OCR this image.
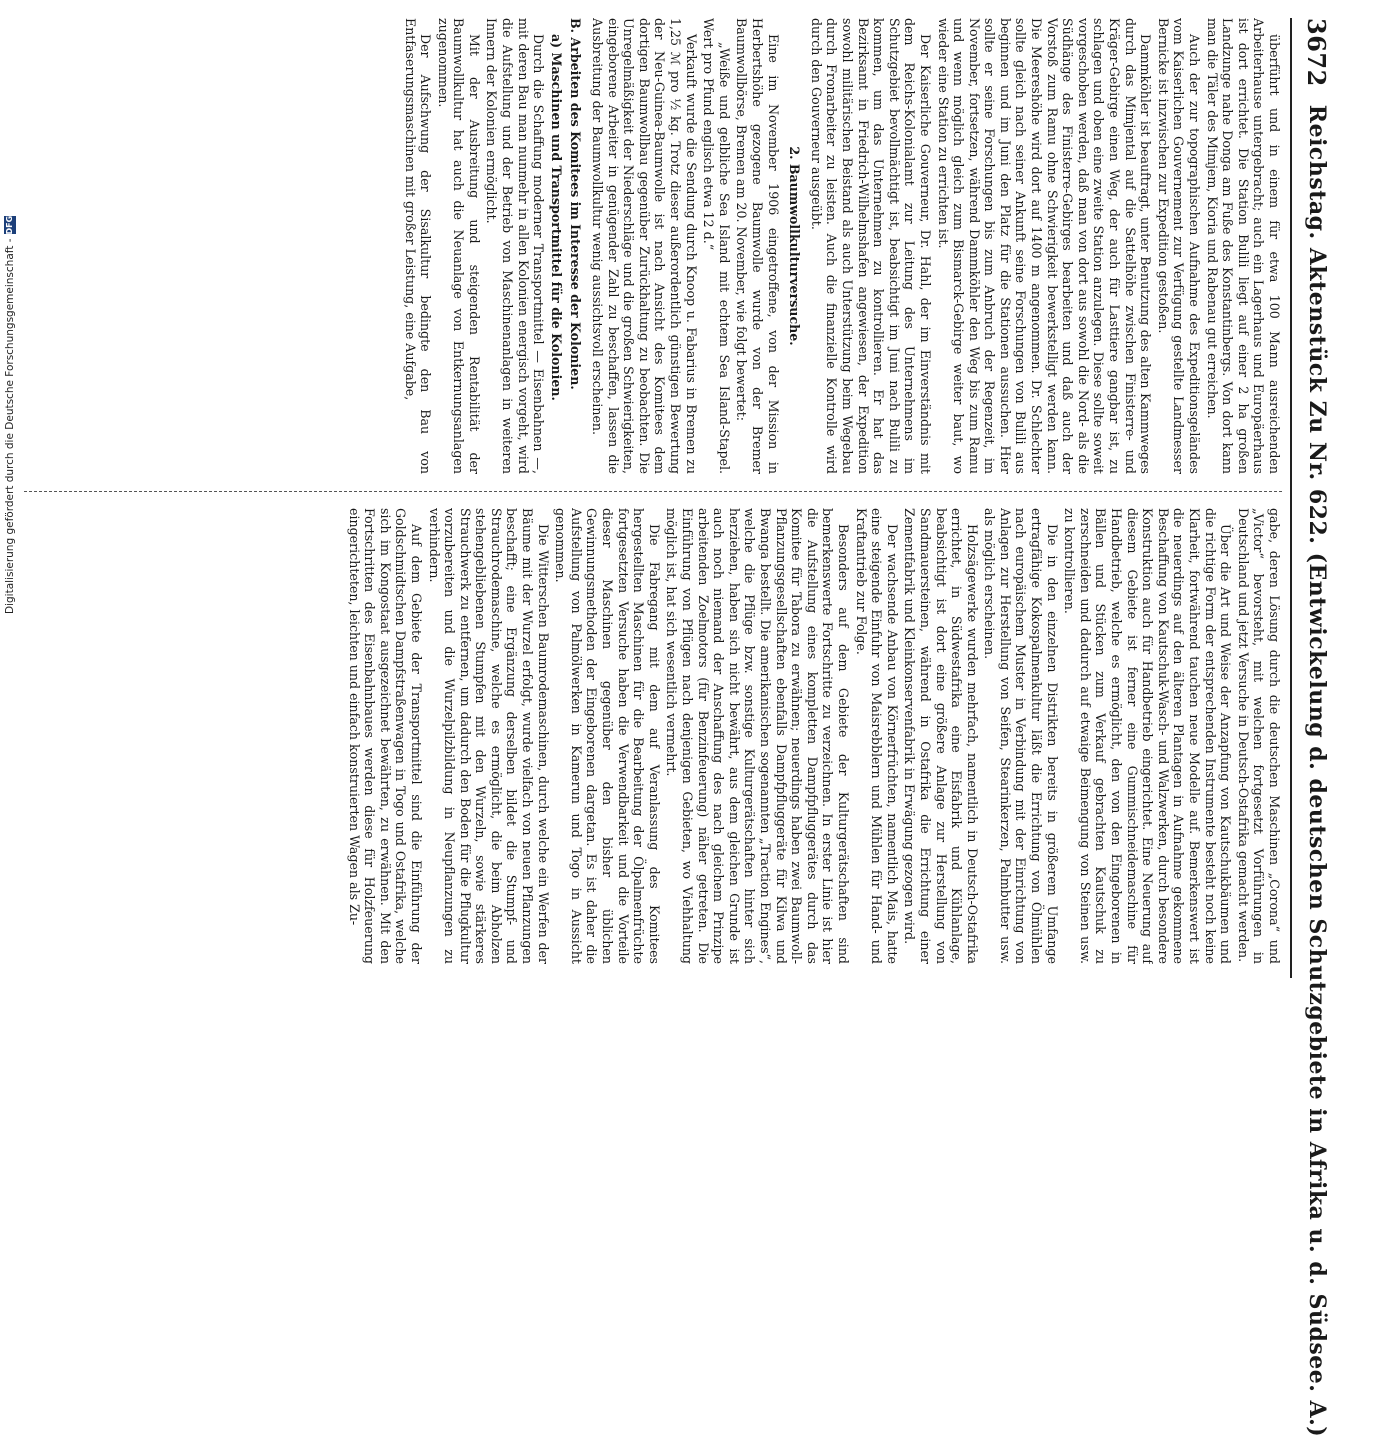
3672
Reichstag. Aktenstück Zu Nr. 622. (Entwickelung d. deutschen Schutzgebiete in Afrika u. d. Südsee. A.)

überführt und in einem für etwa 100 Mann ausreichenden Arbeiterhause untergebracht; auch ein Lagerhaus und Europäerhaus ist dort errichtet. Die Station Bulili liegt auf einer 2 ha großen Landzunge nahe Donga am Fuße des Konstantinbergs. Von dort kann man die Täler des Mimjem, Kioria und Rabenau gut erreichen.

Auch der zur topographischen Aufnahme des Expeditionsgeländes vom Kaiserlichen Gouvernement zur Verfügung gestellte Landmesser Bernicke ist inzwischen zur Expedition gestoßen.

Dammköhler ist beauftragt, unter Benutzung des alten Kammweges durch das Mimjental auf die Sattelhöhe zwischen Finisterre- und Kräger-Gebirge einen Weg, der auch für Lasttiere gangbar ist, zu schlagen und oben eine zweite Station anzulegen. Diese sollte soweit vorgeschoben werden, daß man von dort aus sowohl die Nord- als die Südhänge des Finisterre-Gebirges bearbeiten und daß auch der Vorstoß zum Ramu ohne Schwierigkeit bewerkstelligt werden kann. Die Meereshöhe wird dort auf 1400 m angenommen. Dr. Schlechter sollte gleich nach seiner Ankunft seine Forschungen von Bulili aus beginnen und im Juni den Platz für die Stationen aussuchen. Hier sollte er seine Forschungen bis zum Anbruch der Regenzeit, im November, fortsetzen, während Dammköhler den Weg bis zum Ramu und wenn möglich gleich zum Bismarck-Gebirge weiter baut, wo wieder eine Station zu errichten ist.

Der Kaiserliche Gouverneur, Dr. Hahl, der im Einverständnis mit dem Reichs-Kolonialamt zur Leitung des Unternehmens im Schutzgebiet bevollmächtigt ist, beabsichtigt im Juni nach Bulili zu kommen, um das Unternehmen zu kontrollieren. Er hat das Bezirksamt in Friedrich-Wilhelmshafen angewiesen, der Expedition sowohl militärischen Beistand als auch Unterstützung beim Wegebau durch Fronarbeiter zu leisten. Auch die finanzielle Kontrolle wird durch den Gouverneur ausgeübt.

2. Baumwollkulturversuche.

Eine im November 1906 eingetroffene, von der Mission in Herbertshöhe gezogene Baumwolle wurde von der Bremer Baumwollbörse, Bremen am 20. November, wie folgt bewertet:

„Weiße und gelbliche Sea Island mit echtem Sea Island-Stapel. Wert pro Pfund englisch etwa 12 d.“

Verkauft wurde die Sendung durch Knoop u. Fabarius in Bremen zu 1,25 ℳ pro ½ kg. Trotz dieser außerordentlich günstigen Bewertung der Neu-Guinea-Baumwolle ist nach Ansicht des Komitees dem dortigen Baumwollbau gegenüber Zurückhaltung zu beobachten. Die Unregelmäßigkeit der Niederschläge und die großen Schwierigkeiten, eingeborene Arbeiter in genügender Zahl zu beschaffen, lassen die Ausbreitung der Baumwollkultur wenig aussichtsvoll erscheinen.

B. Arbeiten des Komitees im Interesse der Kolonien.

a) Maschinen und Transportmittel für die Kolonien.

Durch die Schaffung moderner Transportmittel — Eisenbahnen —, mit deren Bau man nunmehr in allen Kolonien energisch vorgeht, wird die Aufstellung und der Betrieb von Maschinenanlagen in weiteren Innern der Kolonien ermöglicht.

Mit der Ausbreitung und steigenden Rentabilität der Baumwollkultur hat auch die Neuanlage von Entkernungsanlagen zugenommen.

Der Aufschwung der Sisalkultur bedingte den Bau von Entfaserungsmaschinen mit großer Leistung, eine Aufgabe,

gabe, deren Lösung durch die deutschen Maschinen „Corona“ und „Victor“ bevorsteht, mit welchen fortgesetzt Vorführungen in Deutschland und jetzt Versuche in Deutsch-Ostafrika gemacht werden.

Über die Art und Weise der Anzapfung von Kautschukbäumen und die richtige Form der entsprechenden Instrumente besteht noch keine Klarheit, fortwährend tauchen neue Modelle auf. Bemerkenswert ist die neuerdings auf den älteren Plantagen in Aufnahme gekommene Beschaffung von Kautschuk-Wasch- und Walzwerken, durch besondere Konstruktion auch für Handbetrieb eingerichtet. Eine Neuerung auf diesem Gebiete ist ferner eine Gummischneidemaschine für Handbetrieb, welche es ermöglicht, den von den Eingeborenen in Bällen und Stücken zum Verkauf gebrachten Kautschuk zu zerschneiden und dadurch auf etwaige Beimengung von Steinen usw. zu kontrollieren.

Die in den einzelnen Distrikten bereits in größerem Umfange ertragfähige Kokospalmenkultur läßt die Errichtung von Ölmühlen nach europäischem Muster in Verbindung mit der Einrichtung von Anlagen zur Herstellung von Seifen, Stearinkerzen, Palmbutter usw. als möglich erscheinen.

Holzsägewerke wurden mehrfach, namentlich in Deutsch-Ostafrika errichtet, in Südwestafrika eine Eisfabrik und Kühlanlage, beabsichtigt ist dort eine größere Anlage zur Herstellung von Sandmauersteinen, während in Ostafrika die Errichtung einer Zementfabrik und Kleinkonservenfabrik in Erwägung gezogen wird.

Der wachsende Anbau von Körnerfrüchten, namentlich Mais, hatte eine steigende Einfuhr von Maisrebblern und Mühlen für Hand- und Kraftantrieb zur Folge.

Besonders auf dem Gebiete der Kulturgerätschaften sind bemerkenswerte Fortschritte zu verzeichnen. In erster Linie ist hier die Aufstellung eines kompletten Dampfpfluggerätes durch das Komitee für Tabora zu erwähnen; neuerdings haben zwei Baumwoll-Pflanzungsgesellschaften ebenfalls Dampfpfluggeräte für Kilwa und Bwanga bestellt. Die amerikanischen sogenannten „Traction Engines“, welche die Pflüge bzw. sonstige Kulturgerätschaften hinter sich herziehen, haben sich nicht bewährt, aus dem gleichen Grunde ist auch noch niemand der Anschaffung des nach gleichem Prinzipe arbeitenden Zoelmotors (für Benzinfeuerung) näher getreten. Die Einführung von Pflügen nach denjenigen Gebieten, wo Viehhaltung möglich ist, hat sich wesentlich vermehrt.

Die Fabregang mit dem auf Veranlassung des Komitees hergestellten Maschinen für die Bearbeitung der Ölpalmenfrüchte fortgesetzten Versuche haben die Verwendbarkeit und die Vorteile dieser Maschinen gegenüber den bisher üblichen Gewinnungsmethoden der Eingeborenen dargetan. Es ist daher die Aufstellung von Palmölwerken in Kamerun und Togo in Aussicht genommen.

Die Witterschen Baumrodemaschinen, durch welche ein Werfen der Bäume mit der Wurzel erfolgt, wurde vielfach von neuen Pflanzungen beschafft; eine Ergänzung derselben bildet die Stumpf- und Strauchrodemaschine, welche es ermöglicht, die beim Abholzen stehengebliebenen Stumpfen mit den Wurzeln, sowie stärkeres Strauchwerk zu entfernen, um dadurch den Boden für die Pflugkultur vorzubereiten und die Wurzelpilzbildung in Neupflanzungen zu verhindern.

Auf dem Gebiete der Transportmittel sind die Einführung der Goldschmidtschen Dampfstraßenwagen in Togo und Ostafrika, welche sich im Kongostaat ausgezeichnet bewährten, zu erwähnen. Mit den Fortschritten des Eisenbahnbaues werden diese für Holzfeuerung eingerichteten, leichten und einfach konstruierten Wagen als Zu-

Digitalisierung gefördert durch die Deutsche Forschungsgemeinschaft -
DFG
